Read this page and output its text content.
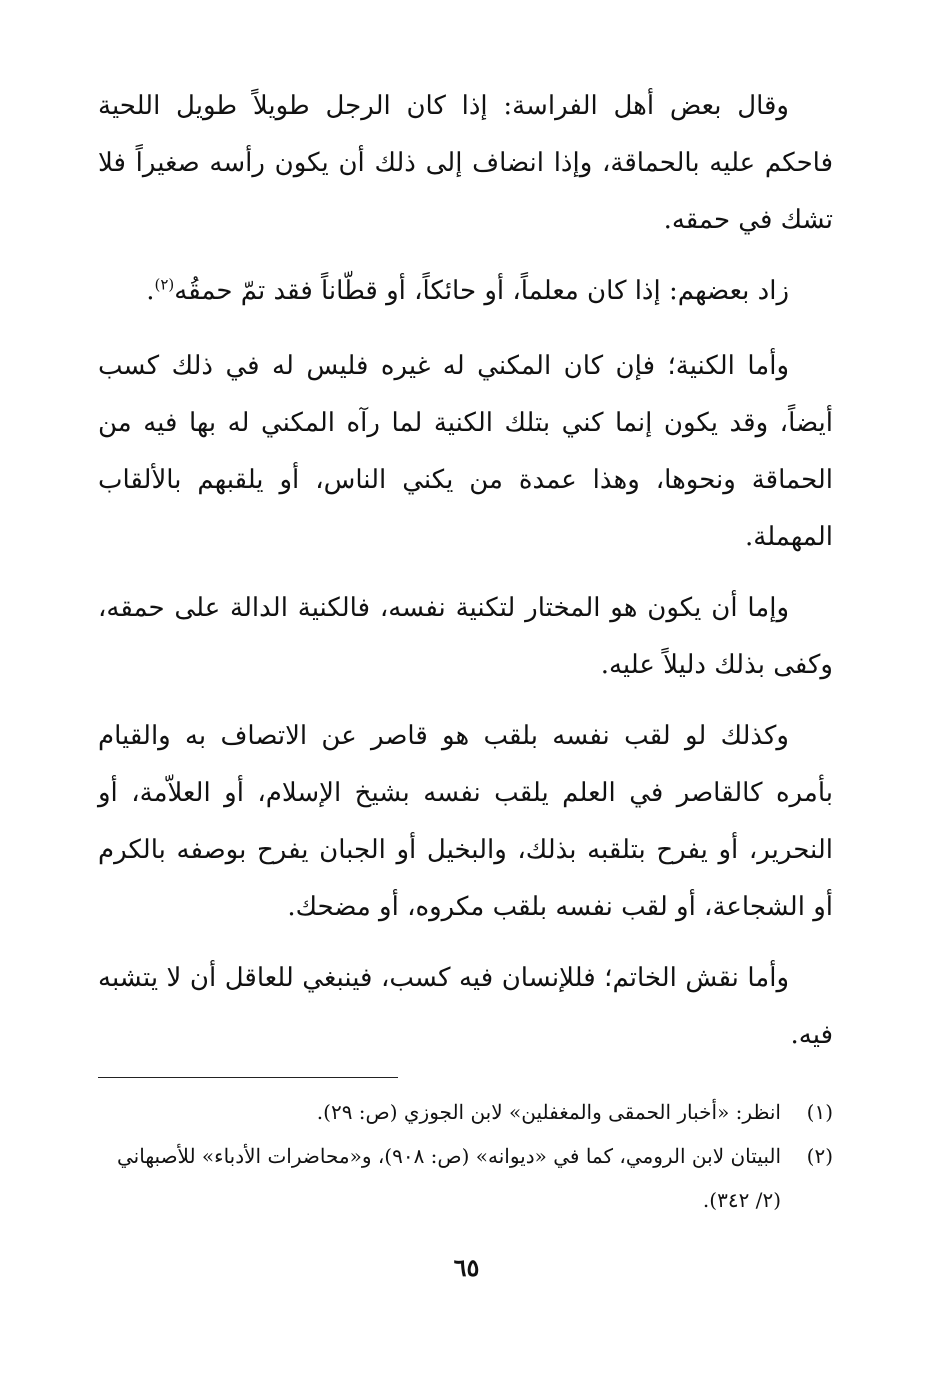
وقال بعض أهل الفراسة: إذا كان الرجل طويلاً طويل اللحية فاحكم عليه بالحماقة، وإذا انضاف إلى ذلك أن يكون رأسه صغيراً فلا تشك في حمقه.

زاد بعضهم: إذا كان معلماً، أو حائكاً، أو قطّاناً فقد تمّ حمقُه$^{(٢)}$.

وأما الكنية؛ فإن كان المكني له غيره فليس له في ذلك كسب أيضاً، وقد يكون إنما كني بتلك الكنية لما رآه المكني له بها فيه من الحماقة ونحوها، وهذا عمدة من يكني الناس، أو يلقبهم بالألقاب المهملة.

وإما أن يكون هو المختار لتكنية نفسه، فالكنية الدالة على حمقه، وكفى بذلك دليلاً عليه.

وكذلك لو لقب نفسه بلقب هو قاصر عن الاتصاف به والقيام بأمره كالقاصر في العلم يلقب نفسه بشيخ الإسلام، أو العلاّمة، أو النحرير، أو يفرح بتلقبه بذلك، والبخيل أو الجبان يفرح بوصفه بالكرم أو الشجاعة، أو لقب نفسه بلقب مكروه، أو مضحك.

وأما نقش الخاتم؛ فللإنسان فيه كسب، فينبغي للعاقل أن لا يتشبه فيه.

(١)
انظر: «أخبار الحمقى والمغفلين» لابن الجوزي (ص: ٢٩).
(٢)
البيتان لابن الرومي، كما في «ديوانه» (ص: ٩٠٨)، و«محاضرات الأدباء» للأصبهاني (٢/ ٣٤٢).
٦٥
